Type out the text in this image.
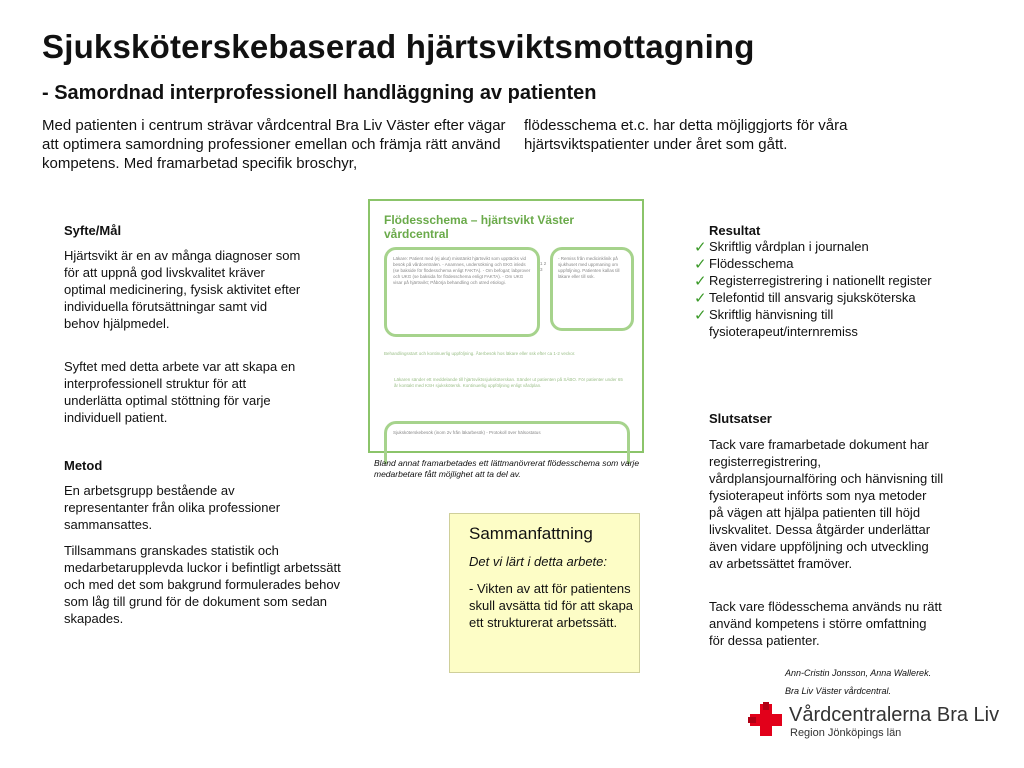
Sjuksköterskebaserad hjärtsviktsmottagning
- Samordnad interprofessionell handläggning av patienten
Med patienten i centrum strävar vårdcentral Bra Liv Väster efter vägar att optimera samordning professioner emellan och främja rätt använd kompetens. Med framarbetad specifik broschyr,
flödesschema et.c. har detta möjliggjorts för våra hjärtsviktspatienter under året som gått.
Syfte/Mål
Hjärtsvikt är en av många diagnoser som för att uppnå god livskvalitet kräver optimal medicinering, fysisk aktivitet efter individuella förutsättningar samt vid behov hjälpmedel.
Syftet med detta arbete var att skapa en interprofessionell struktur för att underlätta optimal stöttning för varje individuell patient.
Metod
En arbetsgrupp bestående av representanter från olika professioner sammansattes.
Tillsammans granskades statistik och medarbetarupplevda luckor i befintligt arbetssätt och med det som bakgrund formulerades behov som låg till grund för de dokument som sedan skapades.
Flödesschema – hjärtsvikt Väster vårdcentral
Läkare: Patient med (ej akut) misstänkt hjärtsvikt som upptäcks vid besök på vårdcentralen. - Anamnes, undersökning och EKG inleds (se bakside för flödesschema enligt FAKTA). - Om befogat; labprover och UKG (se baksida för flödesschema enligt FAKTA). - Om UKG visar på hjärtsvikt; Påbörja behandling och utred etiologi.
1 2 3
- Remiss från medicinklinik på sjukhuset med uppmaning om uppföljning. Patienten kallas till läkare eller till ssk.
Behandlingsstart och kontinuerlig uppföljning. Återbesök hos läkare eller ssk efter ca 1-2 veckor.
Läkaren sänder ett meddelande till hjärtsviktssjuksköterskan. Sänder ut patienten på SÄBO. För patienter under 65 år kontakt med KSH sjukskötersk. Kontinuerlig uppföljning enligt vårdplan.
Sjuksköterskebesök (inom 2v från läkarbesök) - Protokoll över hälsostatus
Bland annat framarbetades ett lättmanövrerat flödesschema som varje medarbetare fått möjlighet att ta del av.
Sammanfattning
Det vi lärt i detta arbete:
- Vikten av att för patientens skull avsätta tid för att skapa ett strukturerat arbetssätt.
Resultat
✓ Skriftlig vårdplan i journalen
✓ Flödesschema
✓ Registerregistrering i nationellt register
✓ Telefontid till ansvarig sjuksköterska
✓ Skriftlig hänvisning till fysioterapeut/internremiss
Slutsatser
Tack vare framarbetade dokument har registerregistrering, vårdplansjournalföring och hänvisning till fysioterapeut införts som nya metoder på vägen att hjälpa patienten till höjd livskvalitet. Dessa åtgärder underlättar även vidare uppföljning och utveckling av arbetssättet framöver.
Tack vare flödesschema används nu rätt använd kompetens i större omfattning för dessa patienter.
Ann-Cristin Jonsson, Anna Wallerek.
Bra Liv Väster vårdcentral.
Vårdcentralerna Bra Liv
Region Jönköpings län
